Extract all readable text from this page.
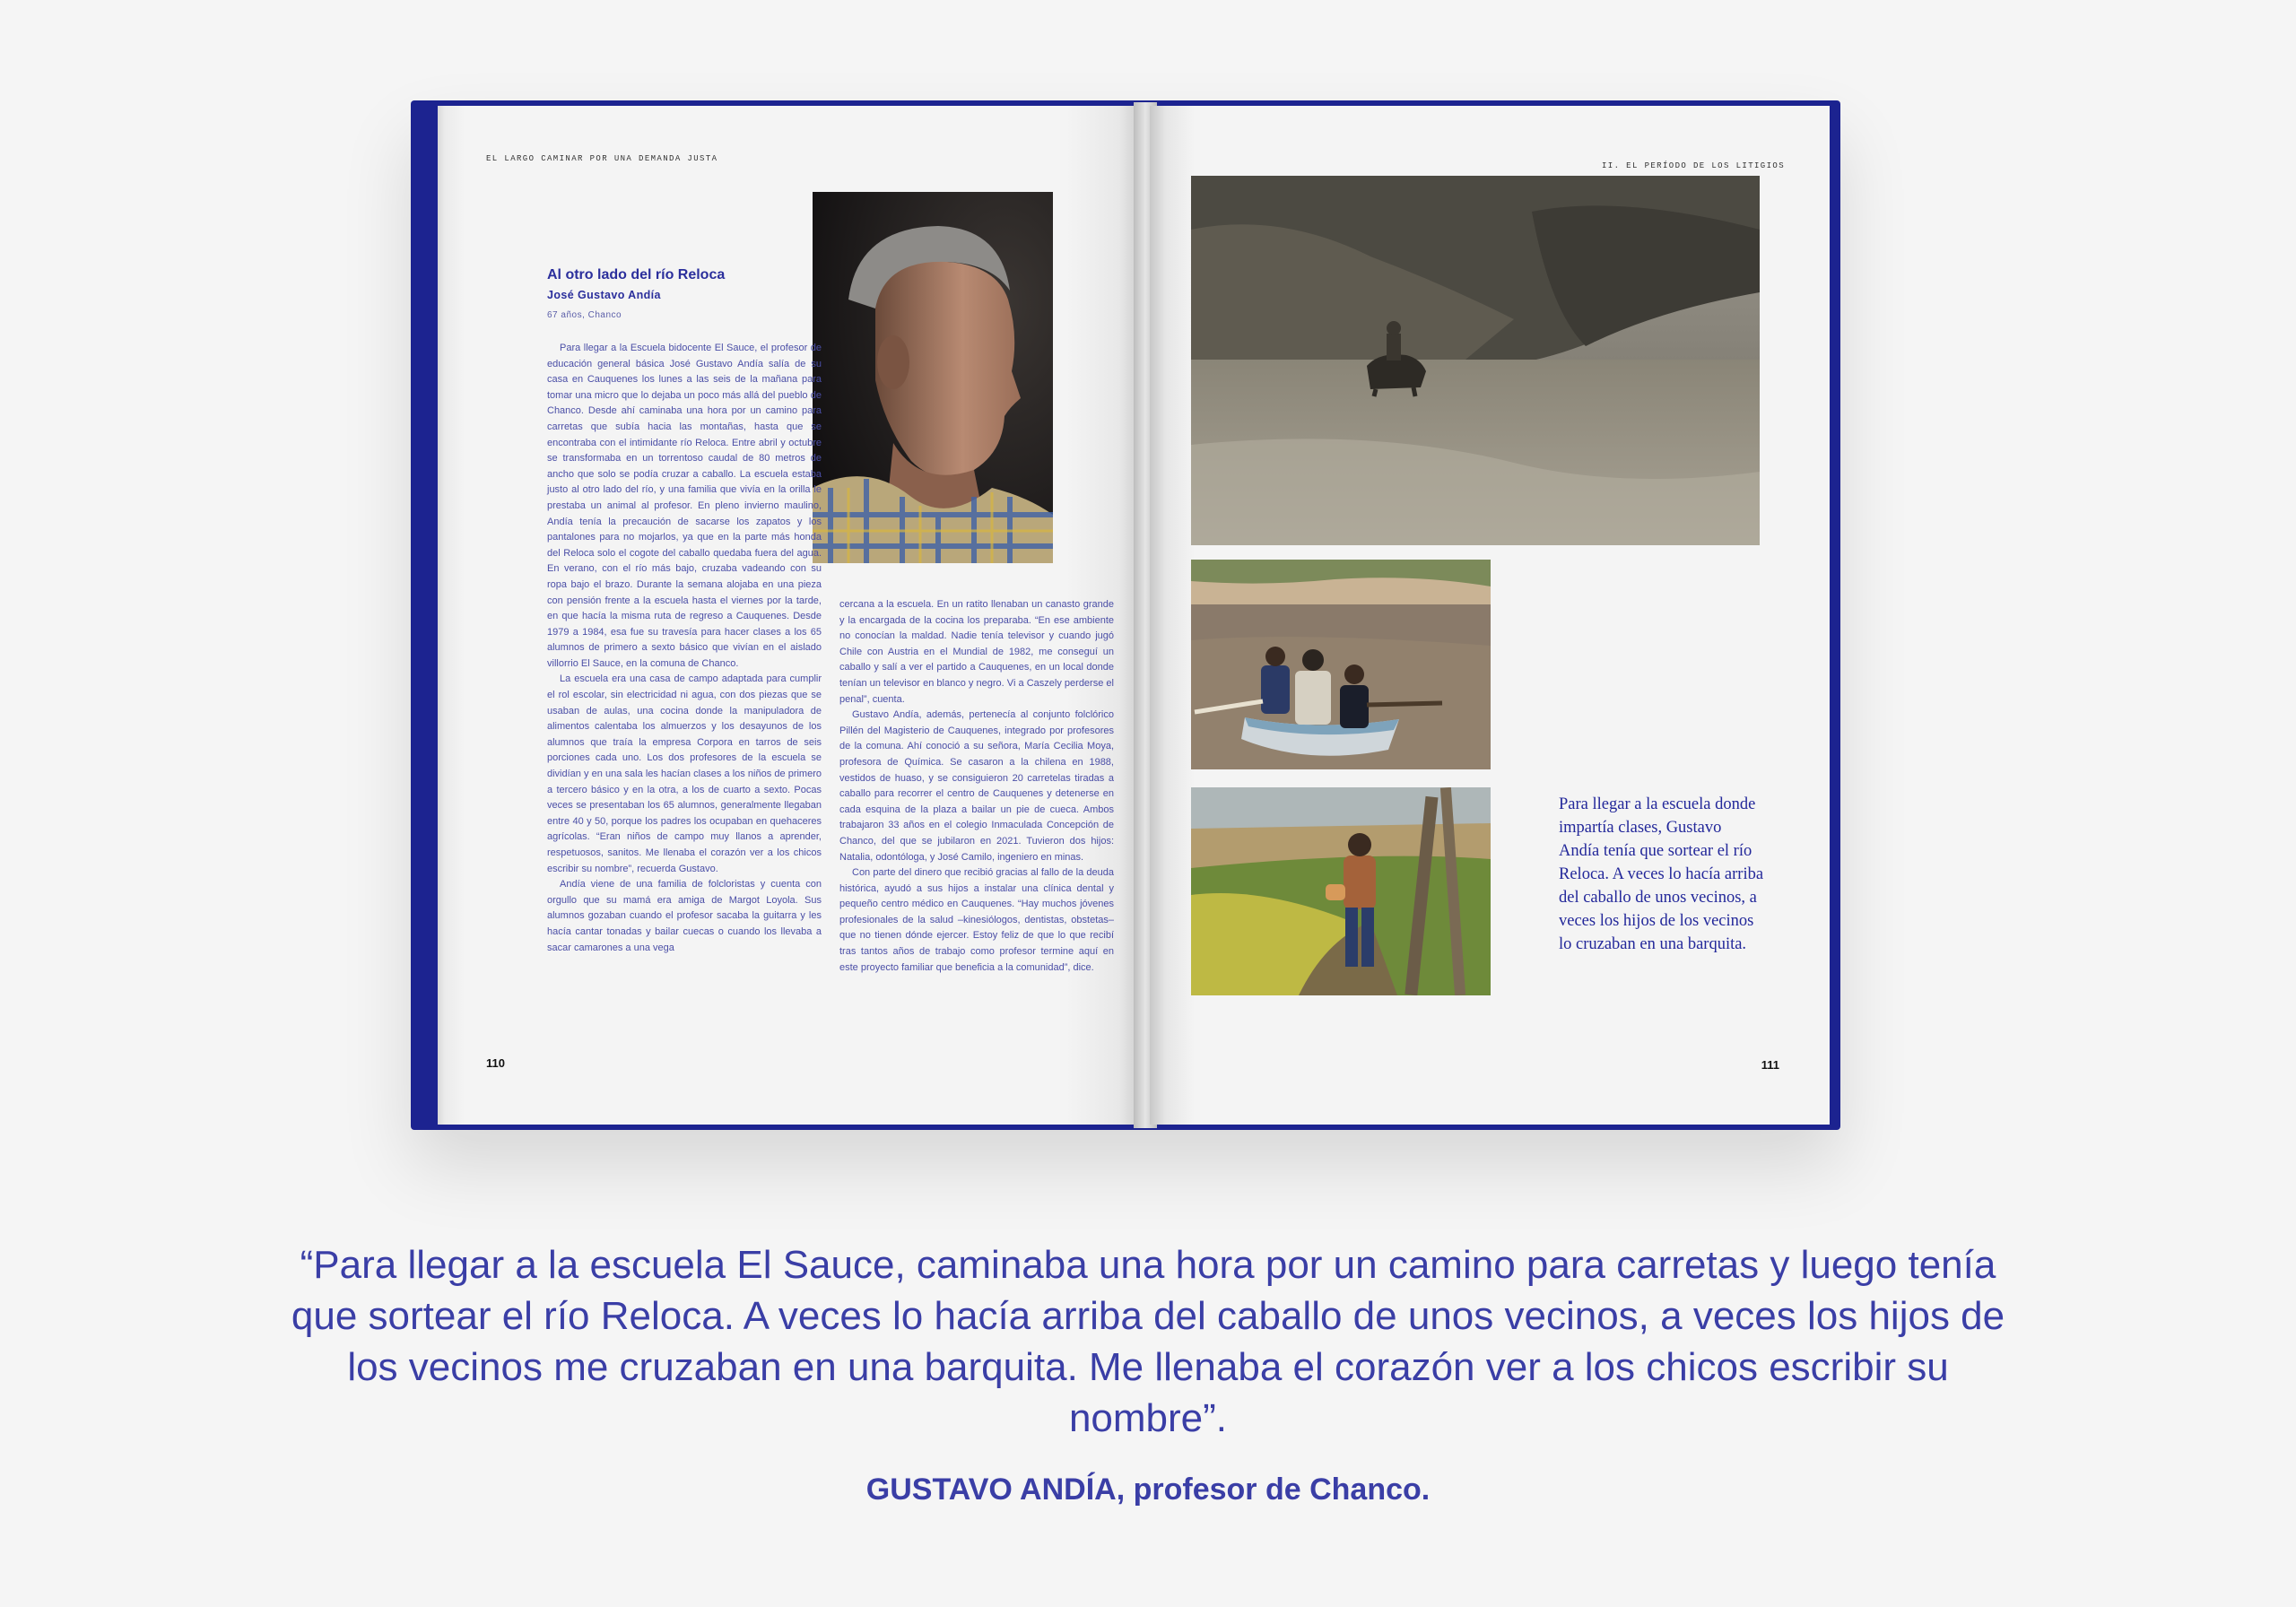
EL LARGO CAMINAR POR UNA DEMANDA JUSTA
Al otro lado del río Reloca
José Gustavo Andía
67 años, Chanco

Para llegar a la Escuela bidocente El Sauce, el profesor de educación general básica José Gustavo Andía salía de su casa en Cauquenes los lunes a las seis de la mañana para tomar una micro que lo dejaba un poco más allá del pueblo de Chanco. Desde ahí caminaba una hora por un camino para carretas que subía hacia las montañas, hasta que se encontraba con el intimidante río Reloca. Entre abril y octubre se transformaba en un torrentoso caudal de 80 metros de ancho que solo se podía cruzar a caballo. La escuela estaba justo al otro lado del río, y una familia que vivía en la orilla le prestaba un animal al profesor. En pleno invierno maulino, Andía tenía la precaución de sacarse los zapatos y los pantalones para no mojarlos, ya que en la parte más honda del Reloca solo el cogote del caballo quedaba fuera del agua. En verano, con el río más bajo, cruzaba vadeando con su ropa bajo el brazo. Durante la semana alojaba en una pieza con pensión frente a la escuela hasta el viernes por la tarde, en que hacía la misma ruta de regreso a Cauquenes. Desde 1979 a 1984, esa fue su travesía para hacer clases a los 65 alumnos de primero a sexto básico que vivían en el aislado villorrio El Sauce, en la comuna de Chanco.

La escuela era una casa de campo adaptada para cumplir el rol escolar, sin electricidad ni agua, con dos piezas que se usaban de aulas, una cocina donde la manipuladora de alimentos calentaba los almuerzos y los desayunos de los alumnos que traía la empresa Corpora en tarros de seis porciones cada uno. Los dos profesores de la escuela se dividían y en una sala les hacían clases a los niños de primero a tercero básico y en la otra, a los de cuarto a sexto. Pocas veces se presentaban los 65 alumnos, generalmente llegaban entre 40 y 50, porque los padres los ocupaban en quehaceres agrícolas. “Eran niños de campo muy llanos a aprender, respetuosos, sanitos. Me llenaba el corazón ver a los chicos escribir su nombre”, recuerda Gustavo.

Andía viene de una familia de folcloristas y cuenta con orgullo que su mamá era amiga de Margot Loyola. Sus alumnos gozaban cuando el profesor sacaba la guitarra y les hacía cantar tonadas y bailar cuecas o cuando los llevaba a sacar camarones a una vega

cercana a la escuela. En un ratito llenaban un canasto grande y la encargada de la cocina los preparaba. “En ese ambiente no conocían la maldad. Nadie tenía televisor y cuando jugó Chile con Austria en el Mundial de 1982, me conseguí un caballo y salí a ver el partido a Cauquenes, en un local donde tenían un televisor en blanco y negro. Vi a Caszely perderse el penal”, cuenta.

Gustavo Andía, además, pertenecía al conjunto folclórico Pillén del Magisterio de Cauquenes, integrado por profesores de la comuna. Ahí conoció a su señora, María Cecilia Moya, profesora de Química. Se casaron a la chilena en 1988, vestidos de huaso, y se consiguieron 20 carretelas tiradas a caballo para recorrer el centro de Cauquenes y detenerse en cada esquina de la plaza a bailar un pie de cueca. Ambos trabajaron 33 años en el colegio Inmaculada Concepción de Chanco, del que se jubilaron en 2021. Tuvieron dos hijos: Natalia, odontóloga, y José Camilo, ingeniero en minas.

Con parte del dinero que recibió gracias al fallo de la deuda histórica, ayudó a sus hijos a instalar una clínica dental y pequeño centro médico en Cauquenes. “Hay muchos jóvenes profesionales de la salud –kinesiólogos, dentistas, obstetas– que no tienen dónde ejercer. Estoy feliz de que lo que recibí tras tantos años de trabajo como profesor termine aquí en este proyecto familiar que beneficia a la comunidad”, dice.

110
II. EL PERÍODO DE LOS LITIGIOS
111
Para llegar a la escuela donde impartía clases, Gustavo Andía tenía que sortear el río Reloca. A veces lo hacía arriba del caballo de unos vecinos, a veces los hijos de los vecinos lo cruzaban en una barquita.
“Para llegar a la escuela El Sauce, caminaba una hora por un camino para carretas y luego tenía que sortear el río Reloca. A veces lo hacía arriba del caballo de unos vecinos, a veces los hijos de los vecinos me cruzaban en una barquita. Me llenaba el corazón ver a los chicos escribir su nombre”.
GUSTAVO ANDÍA, profesor de Chanco.
